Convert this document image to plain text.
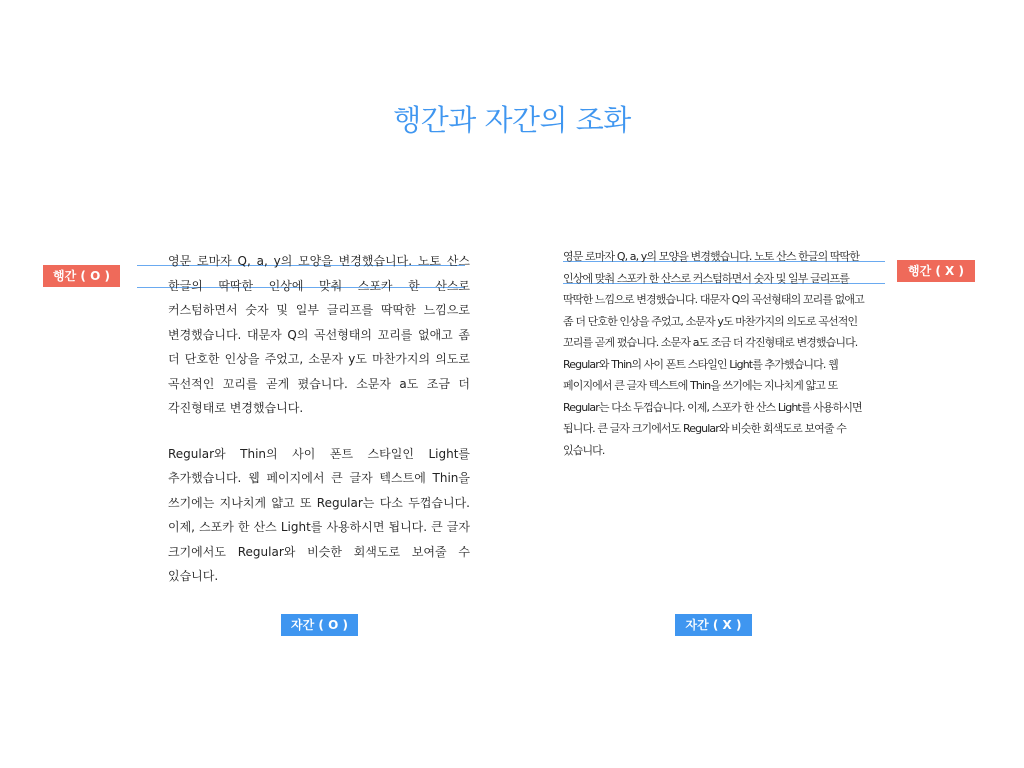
행간과 자간의 조화
행간 ( O )	행간 ( X )

영문 로마자 Q, a, y의 모양을 변경했습니다. 노토 산스 한글의 딱딱한 인상에 맞춰 스포카 한 산스로 커스텀하면서 숫자 및 일부 글리프를 딱딱한 느낌으로 변경했습니다. 대문자 Q의 곡선형태의 꼬리를 없애고 좀 더 단호한 인상을 주었고, 소문자 y도 마찬가지의 의도로 곡선적인 꼬리를 곧게 폈습니다. 소문자 a도 조금 더 각진형태로 변경했습니다.

Regular와 Thin의 사이 폰트 스타일인 Light를 추가했습니다. 웹 페이지에서 큰 글자 텍스트에 Thin을 쓰기에는 지나치게 얇고 또 Regular는 다소 두껍습니다. 이제, 스포카 한 산스 Light를 사용하시면 됩니다. 큰 글자 크기에서도 Regular와 비슷한 회색도로 보여줄 수 있습니다.

영문 로마자 Q, a, y의 모양을 변경했습니다. 노토 산스 한글의 딱딱한 인상에 맞춰 스포카 한 산스로 커스텀하면서 숫자 및 일부 글리프를 딱딱한 느낌으로 변경했습니다. 대문자 Q의 곡선형태의 꼬리를 없애고 좀 더 단호한 인상을 주었고, 소문자 y도 마찬가지의 의도로 곡선적인 꼬리를 곧게 폈습니다. 소문자 a도 조금 더 각진형태로 변경했습니다.

Regular와 Thin의 사이 폰트 스타일인 Light를 추가했습니다. 웹 페이지에서 큰 글자 텍스트에 Thin을 쓰기에는 지나치게 얇고 또 Regular는 다소 두껍습니다. 이제, 스포카 한 산스 Light를 사용하시면 됩니다. 큰 글자 크기에서도 Regular와 비슷한 회색도로 보여줄 수 있습니다.

자간 ( O )	자간 ( X )
